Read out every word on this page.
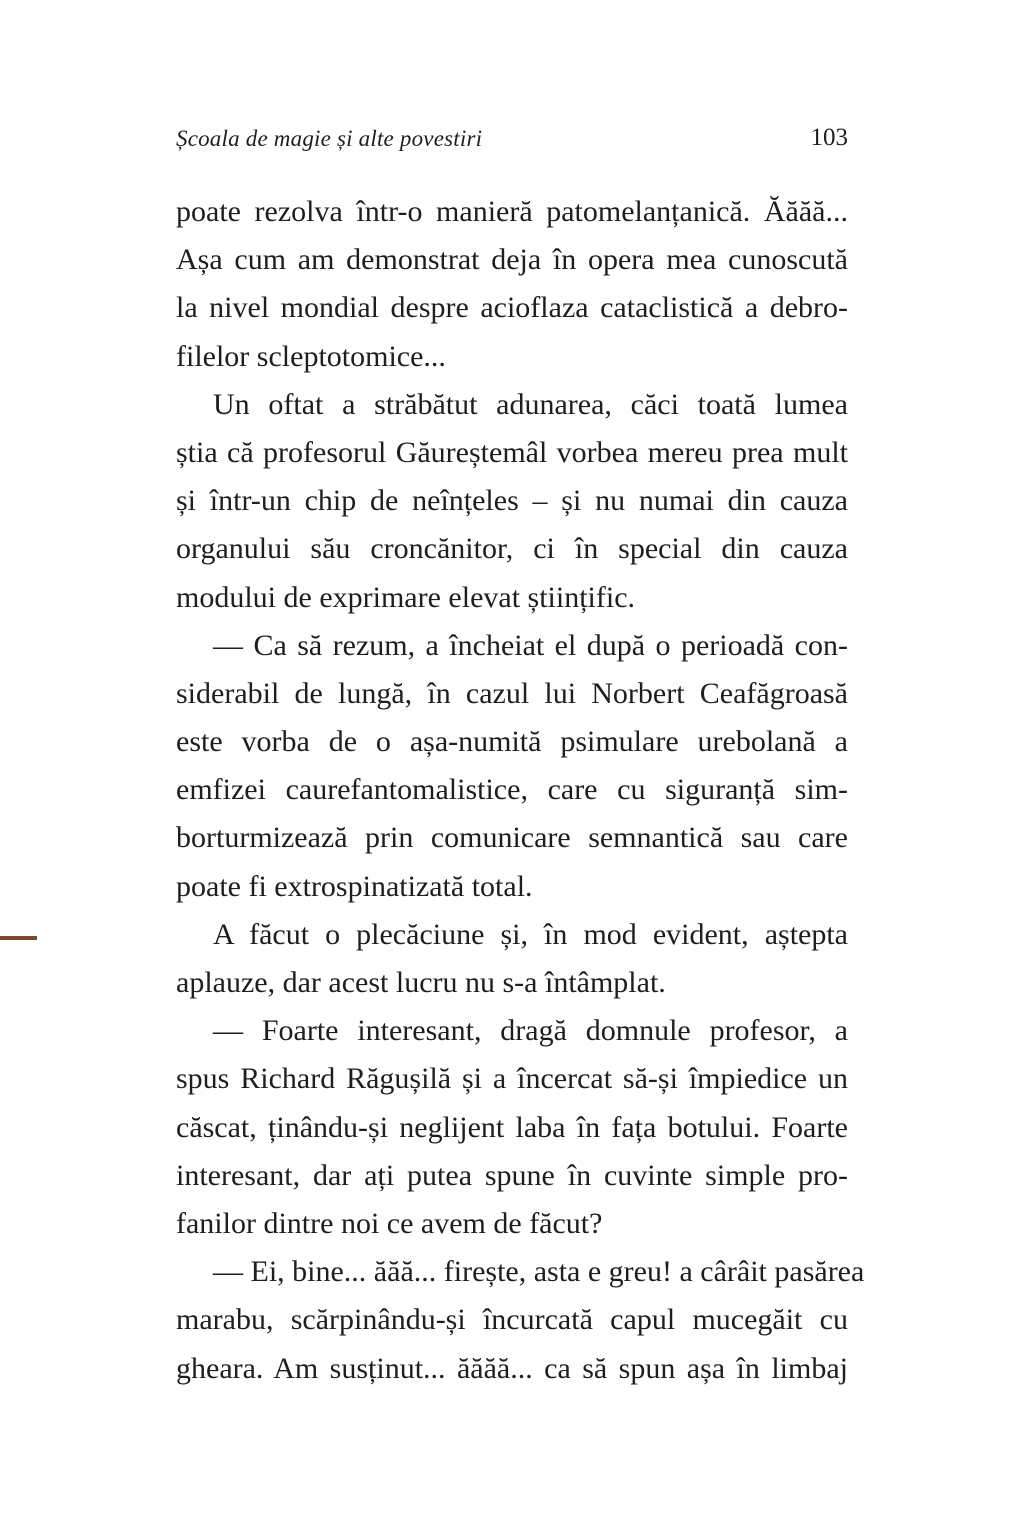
Școala de magie și alte povestiri	103
poate rezolva într-o manieră patomelanțanică. Ăăăă...
Așa cum am demonstrat deja în opera mea cunoscută
la nivel mondial despre acioflaza cataclistică a debro-
filelor scleptotomice...
Un oftat a străbătut adunarea, căci toată lumea
știa că profesorul Găureștemâl vorbea mereu prea mult
și într-un chip de neînțeles – și nu numai din cauza
organului său croncănitor, ci în special din cauza
modului de exprimare elevat științific.
— Ca să rezum, a încheiat el după o perioadă con-
siderabil de lungă, în cazul lui Norbert Ceafăgroasă
este vorba de o așa-numită psimulare urebolană a
emfizei caurefantomalistice, care cu siguranță sim-
borturmizează prin comunicare semnantică sau care
poate fi extrospinatizată total.
A făcut o plecăciune și, în mod evident, aștepta
aplauze, dar acest lucru nu s-a întâmplat.
— Foarte interesant, dragă domnule profesor, a
spus Richard Răgușilă și a încercat să-și împiedice un
căscat, ținându-și neglijent laba în fața botului. Foarte
interesant, dar ați putea spune în cuvinte simple pro-
fanilor dintre noi ce avem de făcut?
— Ei, bine... ăăă... firește, asta e greu! a cârâit pasărea
marabu, scărpinându-și încurcată capul mucegăit cu
gheara. Am susținut... ăăăă... ca să spun așa în limbaj
